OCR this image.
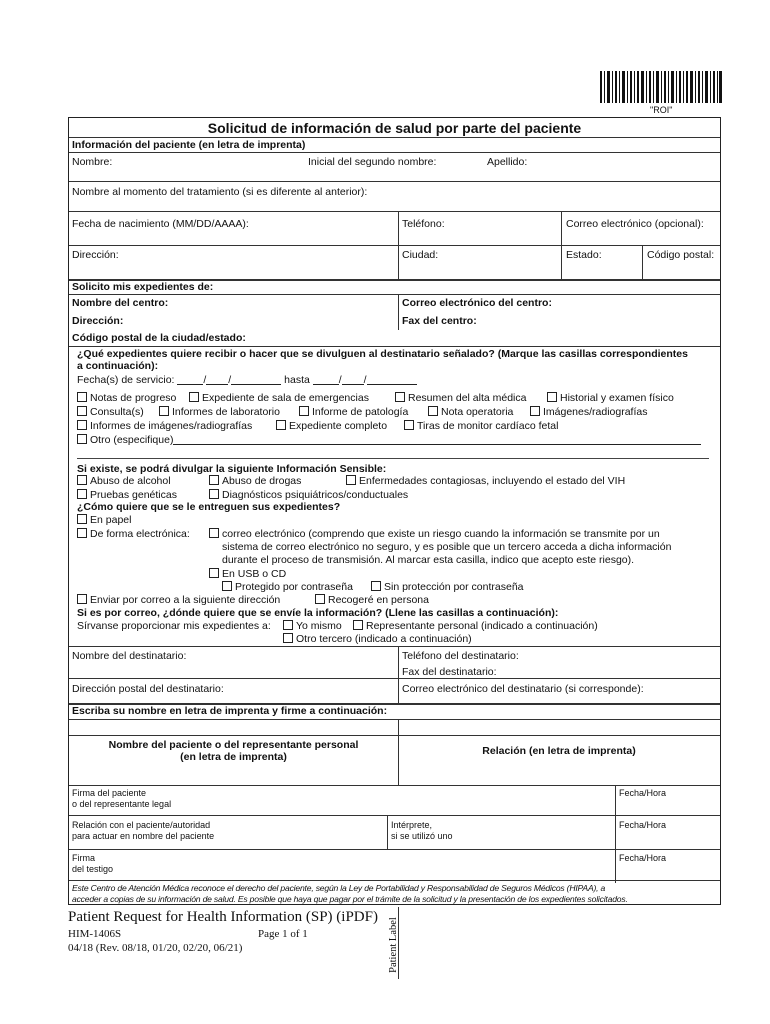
"ROI"
Solicitud de información de salud por parte del paciente
Información del paciente (en letra de imprenta)
Nombre:	Inicial del segundo nombre:	Apellido:
Nombre al momento del tratamiento (si es diferente al anterior):
Fecha de nacimiento (MM/DD/AAAA):	Teléfono:	Correo electrónico (opcional):
Dirección:	Ciudad:	Estado:	Código postal:
Solicito mis expedientes de:
Nombre del centro:	Correo electrónico del centro:
Dirección:	Fax del centro:
Código postal de la ciudad/estado:
¿Qué expedientes quiere recibir o hacer que se divulguen al destinatario señalado? (Marque las casillas correspondientes
a continuación):
Fecha(s) de servicio:	/ /	hasta	/ /
Notas de progreso	Expediente de sala de emergencias	Resumen del alta médica	Historial y examen físico
Consulta(s)	Informes de laboratorio	Informe de patología	Nota operatoria	Imágenes/radiografías
Informes de imágenes/radiografías	Expediente completo	Tiras de monitor cardíaco fetal
Otro (especifique)
Si existe, se podrá divulgar la siguiente Información Sensible:
Abuso de alcohol	Abuso de drogas	Enfermedades contagiosas, incluyendo el estado del VIH
Pruebas genéticas	Diagnósticos psiquiátricos/conductuales
¿Cómo quiere que se le entreguen sus expedientes?
En papel
De forma electrónica:	correo electrónico (comprendo que existe un riesgo cuando la información se transmite por un
sistema de correo electrónico no seguro, y es posible que un tercero acceda a dicha información
durante el proceso de transmisión. Al marcar esta casilla, indico que acepto este riesgo).
En USB o CD
Protegido por contraseña	Sin protección por contraseña
Enviar por correo a la siguiente dirección	Recogeré en persona
Si es por correo, ¿dónde quiere que se envíe la información? (Llene las casillas a continuación):
Sírvanse proporcionar mis expedientes a:	Yo mismo	Representante personal (indicado a continuación)
Otro tercero (indicado a continuación)
Nombre del destinatario:	Teléfono del destinatario:
Fax del destinatario:
Dirección postal del destinatario:	Correo electrónico del destinatario (si corresponde):
Escriba su nombre en letra de imprenta y firme a continuación:
Nombre del paciente o del representante personal
(en letra de imprenta)	Relación (en letra de imprenta)
Firma del paciente
o del representante legal
Fecha/Hora
Relación con el paciente/autoridad
para actuar en nombre del paciente
Intérprete,
si se utilizó uno
Fecha/Hora
Firma
del testigo
Fecha/Hora
Este Centro de Atención Médica reconoce el derecho del paciente, según la Ley de Portabilidad y Responsabilidad de Seguros Médicos (HIPAA), a
acceder a copias de su información de salud. Es posible que haya que pagar por el trámite de la solicitud y la presentación de los expedientes solicitados.
Patient Request for Health Information (SP) (iPDF)
HIM-1406S	Page 1 of 1
04/18 (Rev. 08/18, 01/20, 02/20, 06/21)	Patient Label
